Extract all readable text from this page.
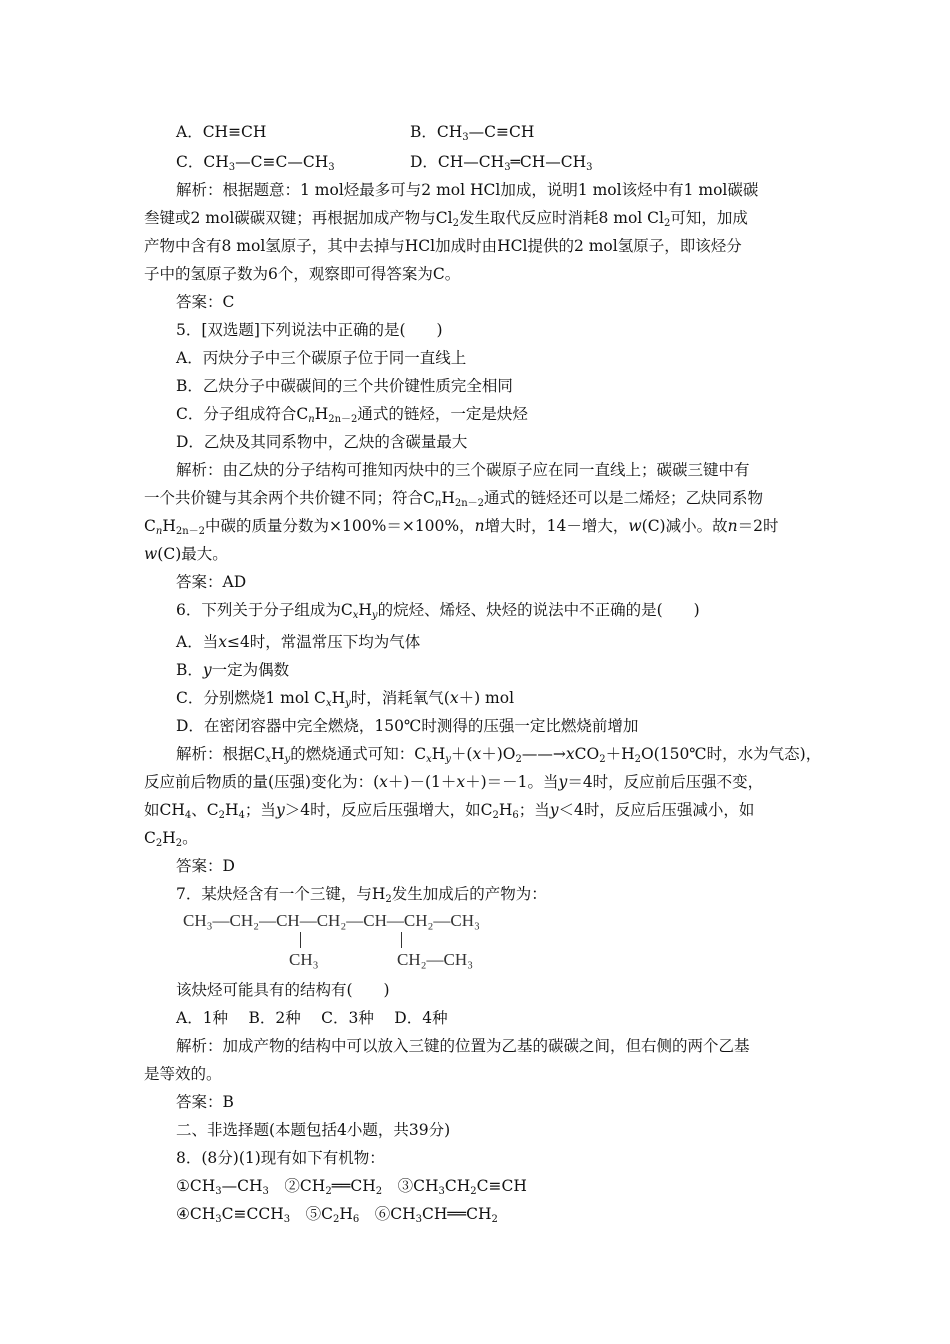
A．CH≡CH	B．$CH_3—C\equiv CH$
C．$CH_3—C\equiv C—CH_3$	D．$CH—CH_3═CH—CH_3$
解析：根据题意：1 mol烃最多可与2 mol HCl加成，说明1 mol该烃中有1 mol碳碳
叁键或2 mol碳碳双键；再根据加成产物与$Cl_2$发生取代反应时消耗8 mol $Cl_2$可知，加成
产物中含有8 mol氢原子，其中去掉与HCl加成时由HCl提供的2 mol氢原子，即该烃分
子中的氢原子数为6个，观察即可得答案为C。
答案：C
5．[双选题]下列说法中正确的是(　　)
A．丙炔分子中三个碳原子位于同一直线上
B．乙炔分子中碳碳间的三个共价键性质完全相同
C．分子组成符合$C_nH_{2n-2}$通式的链烃，一定是炔烃
D．乙炔及其同系物中，乙炔的含碳量最大
解析：由乙炔的分子结构可推知丙炔中的三个碳原子应在同一直线上；碳碳三键中有
一个共价键与其余两个共价键不同；符合$C_nH_{2n-2}$通式的链烃还可以是二烯烃；乙炔同系物
$C_nH_{2n-2}$中碳的质量分数为×100%＝×100%，n增大时，14－增大，w(C)减小。故n＝2时
w(C)最大。
答案：AD
6．下列关于分子组成为$C_xH_y$的烷烃、烯烃、炔烃的说法中不正确的是(　　)
A．当x≤4时，常温常压下均为气体
B．y一定为偶数
C．分别燃烧1 mol $C_xH_y$时，消耗氧气(x＋) mol
D．在密闭容器中完全燃烧，150℃时测得的压强一定比燃烧前增加
解析：根据$C_xH_y$的燃烧通式可知：$C_xH_y+(x+)O_2——\to xCO_2+H_2O(150℃$时，水为气态)，
反应前后物质的量(压强)变化为：(x＋)－(1＋x＋)＝－1。当y＝4时，反应前后压强不变，
如$CH_4$、$C_2H_4$；当y＞4时，反应后压强增大，如$C_2H_6$；当y＜4时，反应后压强减小，如
$C_2H_2$。
答案：D
7．某炔烃含有一个三键，与$H_2$发生加成后的产物为：
CH₃—CH₂—CH—CH₂—CH—CH₂—CH₃
CH₃	CH₂—CH₃
该炔烃可能具有的结构有(　　)
A．1种　 B．2种　 C．3种　 D．4种
解析：加成产物的结构中可以放入三键的位置为乙基的碳碳之间，但右侧的两个乙基
是等效的。
答案：B
二、非选择题(本题包括4小题，共39分)
8．(8分)(1)现有如下有机物：
$①CH_3—CH_3$　$②CH_2══CH_2$　$③CH_3CH_2C\equiv CH$
$④CH_3C\equiv CCH_3$　$⑤C_2H_6$　$⑥CH_3CH══CH_2$
